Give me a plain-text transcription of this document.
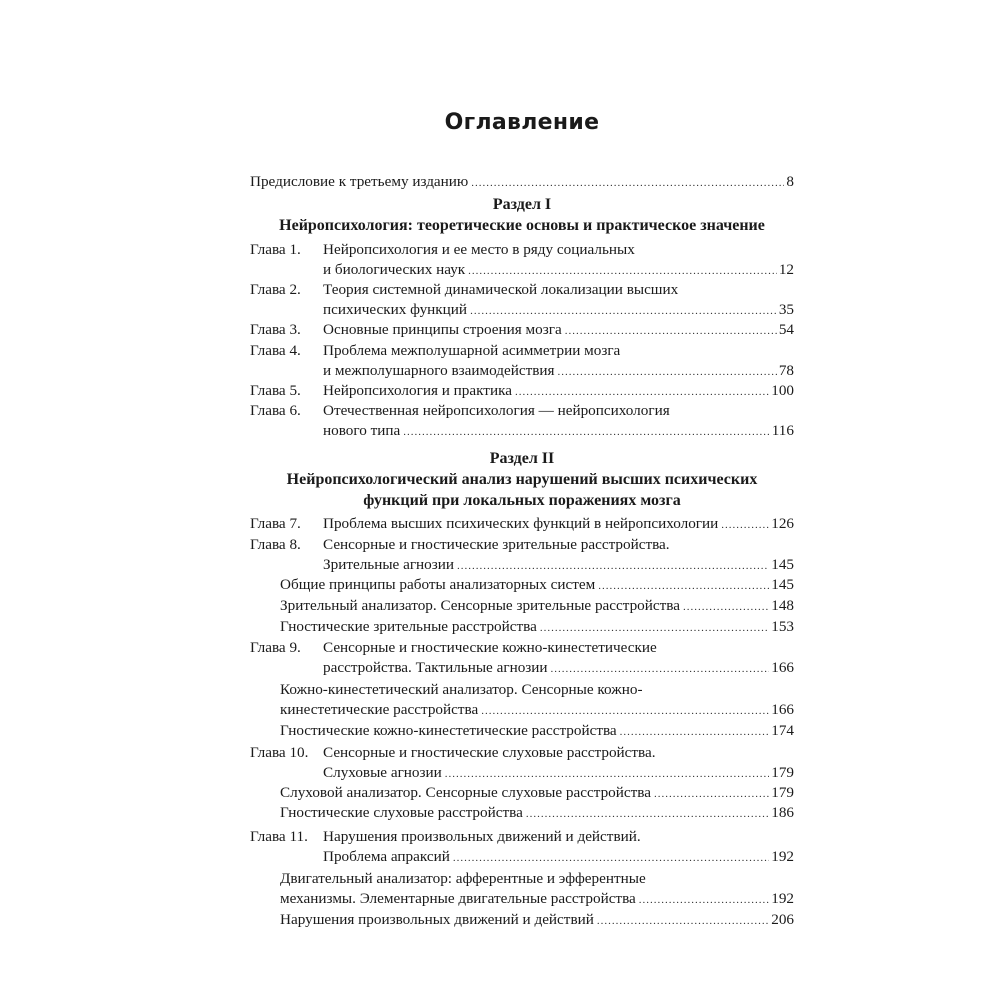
Оглавление
Предисловие к третьему изданию .....	8
Раздел I
Нейропсихология: теоретические основы и практическое значение
Глава 1. Нейропсихология и ее место в ряду социальных
и биологических наук .....	12
Глава 2. Теория системной динамической локализации высших
психических функций .....	35
Глава 3. Основные принципы строения мозга .....	54
Глава 4. Проблема межполушарной асимметрии мозга
и межполушарного взаимодействия .....	78
Глава 5. Нейропсихология и практика .....	100
Глава 6. Отечественная нейропсихология — нейропсихология
нового типа .....	116
Раздел II
Нейропсихологический анализ нарушений высших психических
функций при локальных поражениях мозга
Глава 7. Проблема высших психических функций в нейропсихологии .....	126
Глава 8. Сенсорные и гностические зрительные расстройства.
Зрительные агнозии .....	145
Общие принципы работы анализаторных систем .....	145
Зрительный анализатор. Сенсорные зрительные расстройства .....	148
Гностические зрительные расстройства .....	153
Глава 9. Сенсорные и гностические кожно-кинестетические
расстройства. Тактильные агнозии .....	166
Кожно-кинестетический анализатор. Сенсорные кожно-
кинестетические расстройства .....	166
Гностические кожно-кинестетические расстройства .....	174
Глава 10. Сенсорные и гностические слуховые расстройства.
Слуховые агнозии .....	179
Слуховой анализатор. Сенсорные слуховые расстройства .....	179
Гностические слуховые расстройства .....	186
Глава 11. Нарушения произвольных движений и действий.
Проблема апраксий .....	192
Двигательный анализатор: афферентные и эфферентные
механизмы. Элементарные двигательные расстройства .....	192
Нарушения произвольных движений и действий .....	206
